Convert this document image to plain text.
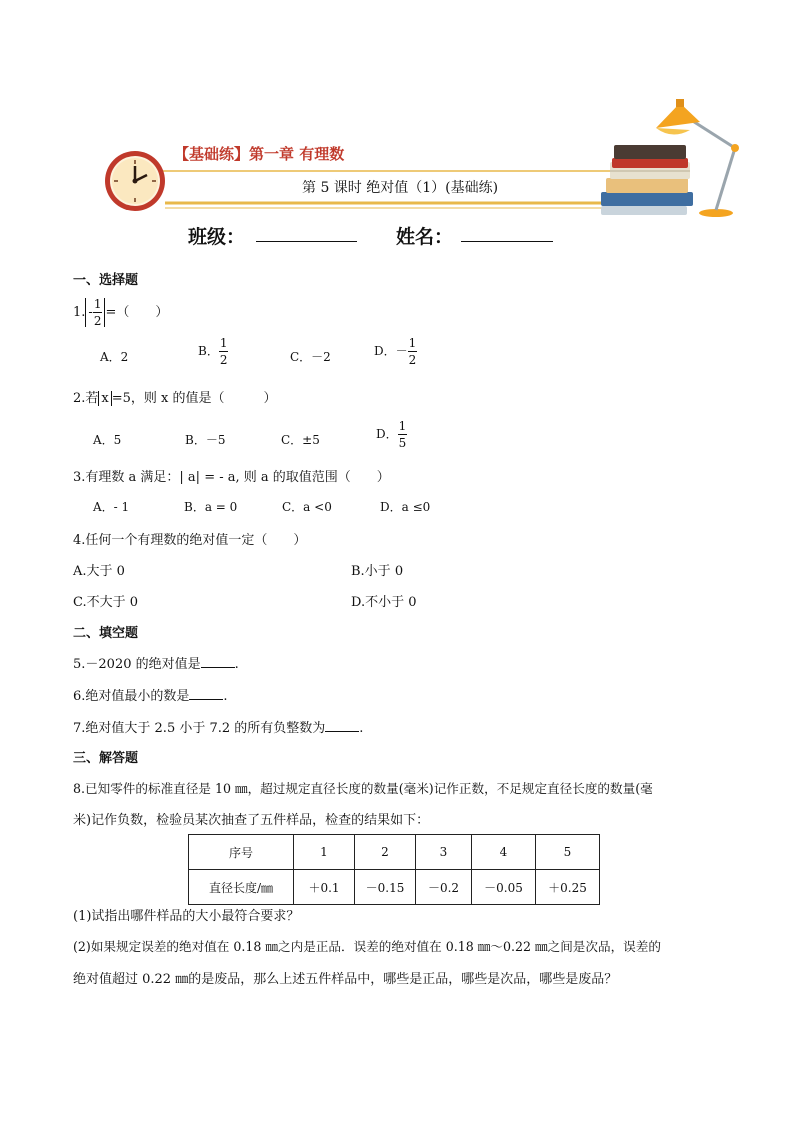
【基础练】第一章 有理数
第 5 课时 绝对值（1）(基础练)
班级：	姓名：
一、选择题
1. - $\frac{1}{2}$ =（　　）
A．2	B． $\frac{1}{2}$	C．－2	D．－ $\frac{1}{2}$
2.若 x =5，则 x 的值是（　　　）
A．5	B．－5	C．±5	D． $\frac{1}{5}$
3.有理数 a 满足：| a| = - a, 则 a 的取值范围（　　）
A．- 1	B．a = 0	C．a <0	D．a ≤0
4.任何一个有理数的绝对值一定（　　）
A.大于 0	B.小于 0
C.不大于 0	D.不小于 0
二、填空题
5.－2020 的绝对值是	.
6.绝对值最小的数是	.
7.绝对值大于 2.5 小于 7.2 的所有负整数为	.
三、解答题
8.已知零件的标准直径是 10 ㎜，超过规定直径长度的数量(毫米)记作正数，不足规定直径长度的数量(毫
米)记作负数，检验员某次抽查了五件样品，检查的结果如下：
序号	1	2	3	4	5
直径长度/㎜	＋0.1	－0.15	－0.2	－0.05	＋0.25
(1)试指出哪件样品的大小最符合要求？
(2)如果规定误差的绝对值在 0.18 ㎜之内是正品．误差的绝对值在 0.18 ㎜～0.22 ㎜之间是次品，误差的
绝对值超过 0.22 ㎜的是废品，那么上述五件样品中，哪些是正品，哪些是次品，哪些是废品？
